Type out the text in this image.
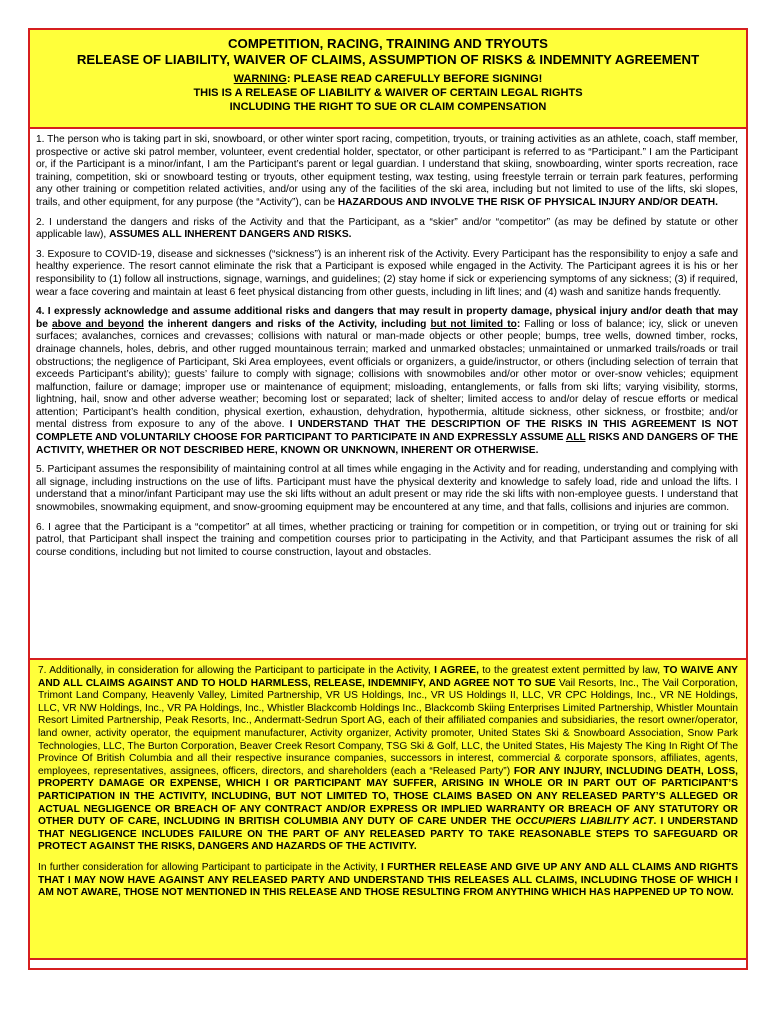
COMPETITION, RACING, TRAINING AND TRYOUTS
RELEASE OF LIABILITY, WAIVER OF CLAIMS, ASSUMPTION OF RISKS & INDEMNITY AGREEMENT
WARNING: PLEASE READ CAREFULLY BEFORE SIGNING!
THIS IS A RELEASE OF LIABILITY & WAIVER OF CERTAIN LEGAL RIGHTS
INCLUDING THE RIGHT TO SUE OR CLAIM COMPENSATION

1. The person who is taking part in ski, snowboard, or other winter sport racing, competition, tryouts, or training activities as an athlete, coach, staff member, prospective or active ski patrol member, volunteer, event credential holder, spectator, or other participant is referred to as “Participant.” I am the Participant or, if the Participant is a minor/infant, I am the Participant’s parent or legal guardian. I understand that skiing, snowboarding, winter sports recreation, race training, competition, ski or snowboard testing or tryouts, other equipment testing, wax testing, using freestyle terrain or terrain park features, performing any other training or competition related activities, and/or using any of the facilities of the ski area, including but not limited to use of the lifts, ski slopes, trails, and other equipment, for any purpose (the “Activity”), can be HAZARDOUS AND INVOLVE THE RISK OF PHYSICAL INJURY AND/OR DEATH.

2. I understand the dangers and risks of the Activity and that the Participant, as a “skier” and/or “competitor” (as may be defined by statute or other applicable law), ASSUMES ALL INHERENT DANGERS AND RISKS.

3. Exposure to COVID-19, disease and sicknesses (“sickness”) is an inherent risk of the Activity. Every Participant has the responsibility to enjoy a safe and healthy experience. The resort cannot eliminate the risk that a Participant is exposed while engaged in the Activity. The Participant agrees it is his or her responsibility to (1) follow all instructions, signage, warnings, and guidelines; (2) stay home if sick or experiencing symptoms of any sickness; (3) if required, wear a face covering and maintain at least 6 feet physical distancing from other guests, including in lift lines; and (4) wash and sanitize hands frequently.

4. I expressly acknowledge and assume additional risks and dangers that may result in property damage, physical injury and/or death that may be above and beyond the inherent dangers and risks of the Activity, including but not limited to: Falling or loss of balance; icy, slick or uneven surfaces; avalanches, cornices and crevasses; collisions with natural or man-made objects or other people; bumps, tree wells, downed timber, rocks, drainage channels, holes, debris, and other rugged mountainous terrain; marked and unmarked obstacles; unmaintained or unmarked trails/roads or trail obstructions; the negligence of Participant, Ski Area employees, event officials or organizers, a guide/instructor, or others (including selection of terrain that exceeds Participant’s ability); guests’ failure to comply with signage; collisions with snowmobiles and/or other motor or over-snow vehicles; equipment malfunction, failure or damage; improper use or maintenance of equipment; misloading, entanglements, or falls from ski lifts; varying visibility, storms, lightning, hail, snow and other adverse weather; becoming lost or separated; lack of shelter; limited access to and/or delay of rescue efforts or medical attention; Participant’s health condition, physical exertion, exhaustion, dehydration, hypothermia, altitude sickness, other sickness, or frostbite; and/or mental distress from exposure to any of the above. I UNDERSTAND THAT THE DESCRIPTION OF THE RISKS IN THIS AGREEMENT IS NOT COMPLETE AND VOLUNTARILY CHOOSE FOR PARTICIPANT TO PARTICIPATE IN AND EXPRESSLY ASSUME ALL RISKS AND DANGERS OF THE ACTIVITY, WHETHER OR NOT DESCRIBED HERE, KNOWN OR UNKNOWN, INHERENT OR OTHERWISE.

5. Participant assumes the responsibility of maintaining control at all times while engaging in the Activity and for reading, understanding and complying with all signage, including instructions on the use of lifts. Participant must have the physical dexterity and knowledge to safely load, ride and unload the lifts. I understand that a minor/infant Participant may use the ski lifts without an adult present or may ride the ski lifts with non-employee guests. I understand that snowmobiles, snowmaking equipment, and snow-grooming equipment may be encountered at any time, and that falls, collisions and injuries are common.

6. I agree that the Participant is a “competitor” at all times, whether practicing or training for competition or in competition, or trying out or training for ski patrol, that Participant shall inspect the training and competition courses prior to participating in the Activity, and that Participant assumes the risk of all course conditions, including but not limited to course construction, layout and obstacles.

7. Additionally, in consideration for allowing the Participant to participate in the Activity, I AGREE, to the greatest extent permitted by law, TO WAIVE ANY AND ALL CLAIMS AGAINST AND TO HOLD HARMLESS, RELEASE, INDEMNIFY, AND AGREE NOT TO SUE Vail Resorts, Inc., The Vail Corporation, Trimont Land Company, Heavenly Valley, Limited Partnership, VR US Holdings, Inc., VR US Holdings II, LLC, VR CPC Holdings, Inc., VR NE Holdings, LLC, VR NW Holdings, Inc., VR PA Holdings, Inc., Whistler Blackcomb Holdings Inc., Blackcomb Skiing Enterprises Limited Partnership, Whistler Mountain Resort Limited Partnership, Peak Resorts, Inc., Andermatt-Sedrun Sport AG, each of their affiliated companies and subsidiaries, the resort owner/operator, land owner, activity operator, the equipment manufacturer, Activity organizer, Activity promoter, United States Ski & Snowboard Association, Snow Park Technologies, LLC, The Burton Corporation, Beaver Creek Resort Company, TSG Ski & Golf, LLC, the United States, His Majesty The King In Right Of The Province Of British Columbia and all their respective insurance companies, successors in interest, commercial & corporate sponsors, affiliates, agents, employees, representatives, assignees, officers, directors, and shareholders (each a “Released Party”) FOR ANY INJURY, INCLUDING DEATH, LOSS, PROPERTY DAMAGE OR EXPENSE, WHICH I OR PARTICIPANT MAY SUFFER, ARISING IN WHOLE OR IN PART OUT OF PARTICIPANT’S PARTICIPATION IN THE ACTIVITY, INCLUDING, BUT NOT LIMITED TO, THOSE CLAIMS BASED ON ANY RELEASED PARTY’S ALLEGED OR ACTUAL NEGLIGENCE OR BREACH OF ANY CONTRACT AND/OR EXPRESS OR IMPLIED WARRANTY OR BREACH OF ANY STATUTORY OR OTHER DUTY OF CARE, INCLUDING IN BRITISH COLUMBIA ANY DUTY OF CARE UNDER THE OCCUPIERS LIABILITY ACT. I UNDERSTAND THAT NEGLIGENCE INCLUDES FAILURE ON THE PART OF ANY RELEASED PARTY TO TAKE REASONABLE STEPS TO SAFEGUARD OR PROTECT AGAINST THE RISKS, DANGERS AND HAZARDS OF THE ACTIVITY.

In further consideration for allowing Participant to participate in the Activity, I FURTHER RELEASE AND GIVE UP ANY AND ALL CLAIMS AND RIGHTS THAT I MAY NOW HAVE AGAINST ANY RELEASED PARTY AND UNDERSTAND THIS RELEASES ALL CLAIMS, INCLUDING THOSE OF WHICH I AM NOT AWARE, THOSE NOT MENTIONED IN THIS RELEASE AND THOSE RESULTING FROM ANYTHING WHICH HAS HAPPENED UP TO NOW.
